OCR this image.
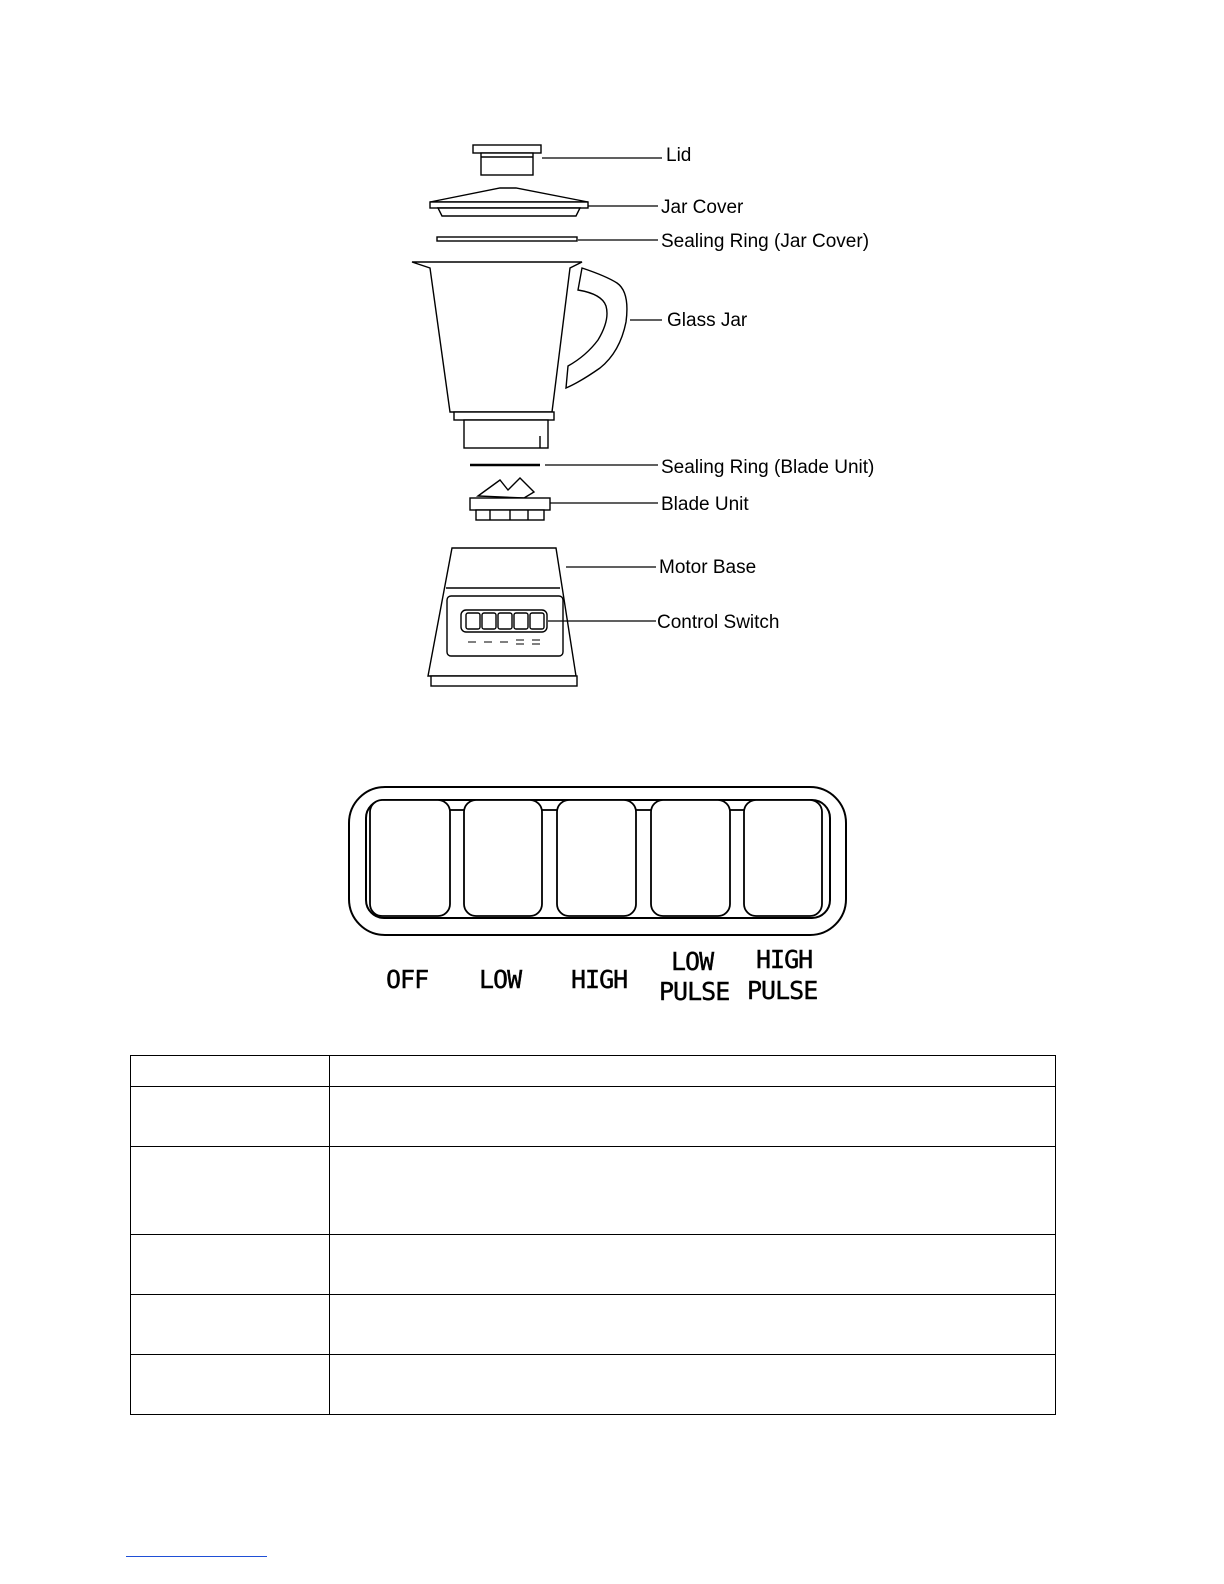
Lid
Jar Cover
Sealing Ring (Jar Cover)
Glass Jar
Sealing Ring (Blade Unit)
Blade Unit
Motor Base
Control Switch
OFF LOW HIGH
LOW
PULSE
HIGH
PULSE
